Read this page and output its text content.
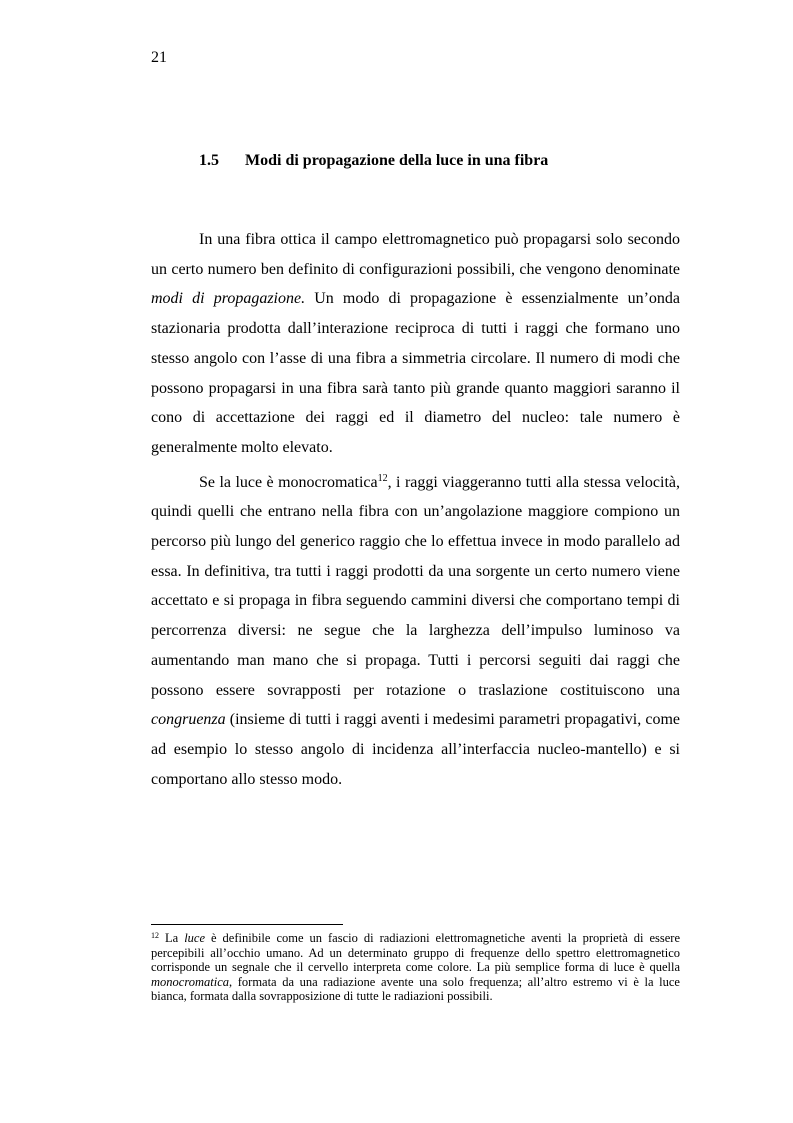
21
1.5 Modi di propagazione della luce in una fibra

In una fibra ottica il campo elettromagnetico può propagarsi solo secondo un certo numero ben definito di configurazioni possibili, che vengono denominate modi di propagazione. Un modo di propagazione è essenzialmente un’onda stazionaria prodotta dall’interazione reciproca di tutti i raggi che formano uno stesso angolo con l’asse di una fibra a simmetria circolare. Il numero di modi che possono propagarsi in una fibra sarà tanto più grande quanto maggiori saranno il cono di accettazione dei raggi ed il diametro del nucleo: tale numero è generalmente molto elevato.

Se la luce è monocromatica$^{12}$, i raggi viaggeranno tutti alla stessa velocità, quindi quelli che entrano nella fibra con un’angolazione maggiore compiono un percorso più lungo del generico raggio che lo effettua invece in modo parallelo ad essa. In definitiva, tra tutti i raggi prodotti da una sorgente un certo numero viene accettato e si propaga in fibra seguendo cammini diversi che comportano tempi di percorrenza diversi: ne segue che la larghezza dell’impulso luminoso va aumentando man mano che si propaga. Tutti i percorsi seguiti dai raggi che possono essere sovrapposti per rotazione o traslazione costituiscono una congruenza (insieme di tutti i raggi aventi i medesimi parametri propagativi, come ad esempio lo stesso angolo di incidenza all’interfaccia nucleo-mantello) e si comportano allo stesso modo.

$^{12}$ La luce è definibile come un fascio di radiazioni elettromagnetiche aventi la proprietà di essere percepibili all’occhio umano. Ad un determinato gruppo di frequenze dello spettro elettromagnetico corrisponde un segnale che il cervello interpreta come colore. La più semplice forma di luce è quella monocromatica, formata da una radiazione avente una solo frequenza; all’altro estremo vi è la luce bianca, formata dalla sovrapposizione di tutte le radiazioni possibili.
